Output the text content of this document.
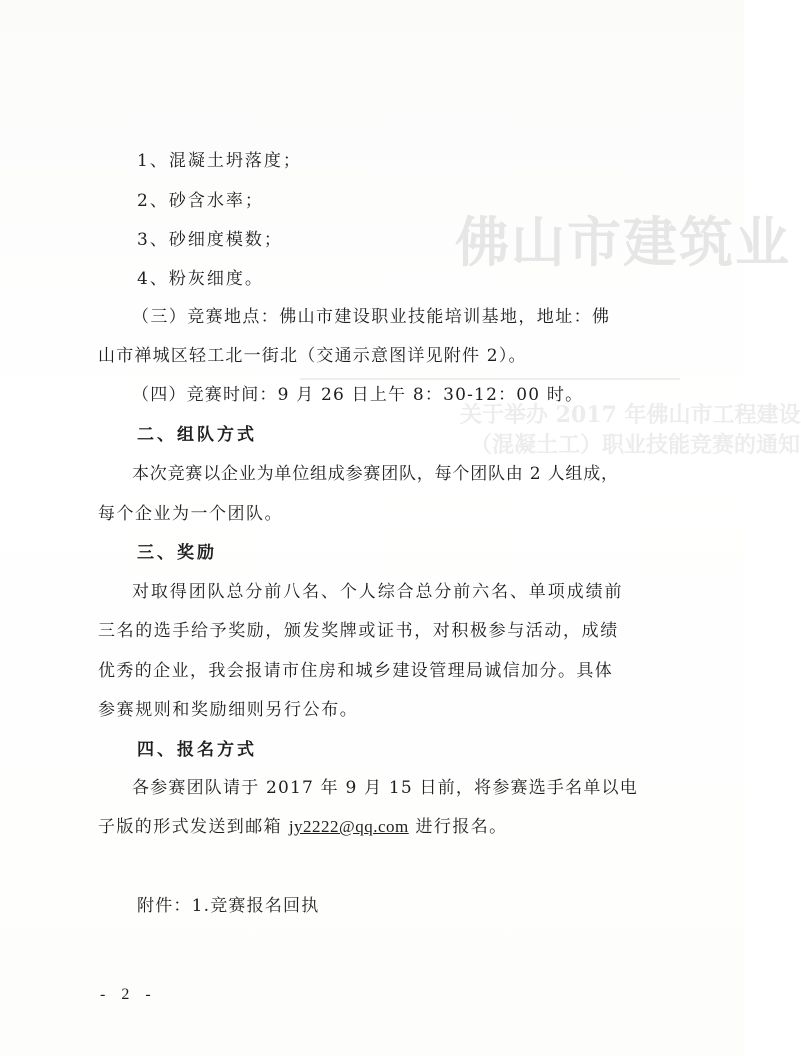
佛山市建筑业
关于举办 2017 年佛山市工程建设
（混凝土工）职业技能竞赛的通知
1、混凝土坍落度；
2、砂含水率；
3、砂细度模数；
4、粉灰细度。
（三）竞赛地点：佛山市建设职业技能培训基地，地址：佛
山市禅城区轻工北一街北（交通示意图详见附件 2）。
（四）竞赛时间：9 月 26 日上午 8：30-12：00 时。
二、组队方式
本次竞赛以企业为单位组成参赛团队，每个团队由 2 人组成，
每个企业为一个团队。
三、奖励
对取得团队总分前八名、个人综合总分前六名、单项成绩前
三名的选手给予奖励，颁发奖牌或证书，对积极参与活动，成绩
优秀的企业，我会报请市住房和城乡建设管理局诚信加分。具体
参赛规则和奖励细则另行公布。
四、报名方式
各参赛团队请于 2017 年 9 月 15 日前，将参赛选手名单以电
子版的形式发送到邮箱 jy2222@qq.com 进行报名。
附件：1.竞赛报名回执
- 2 -
